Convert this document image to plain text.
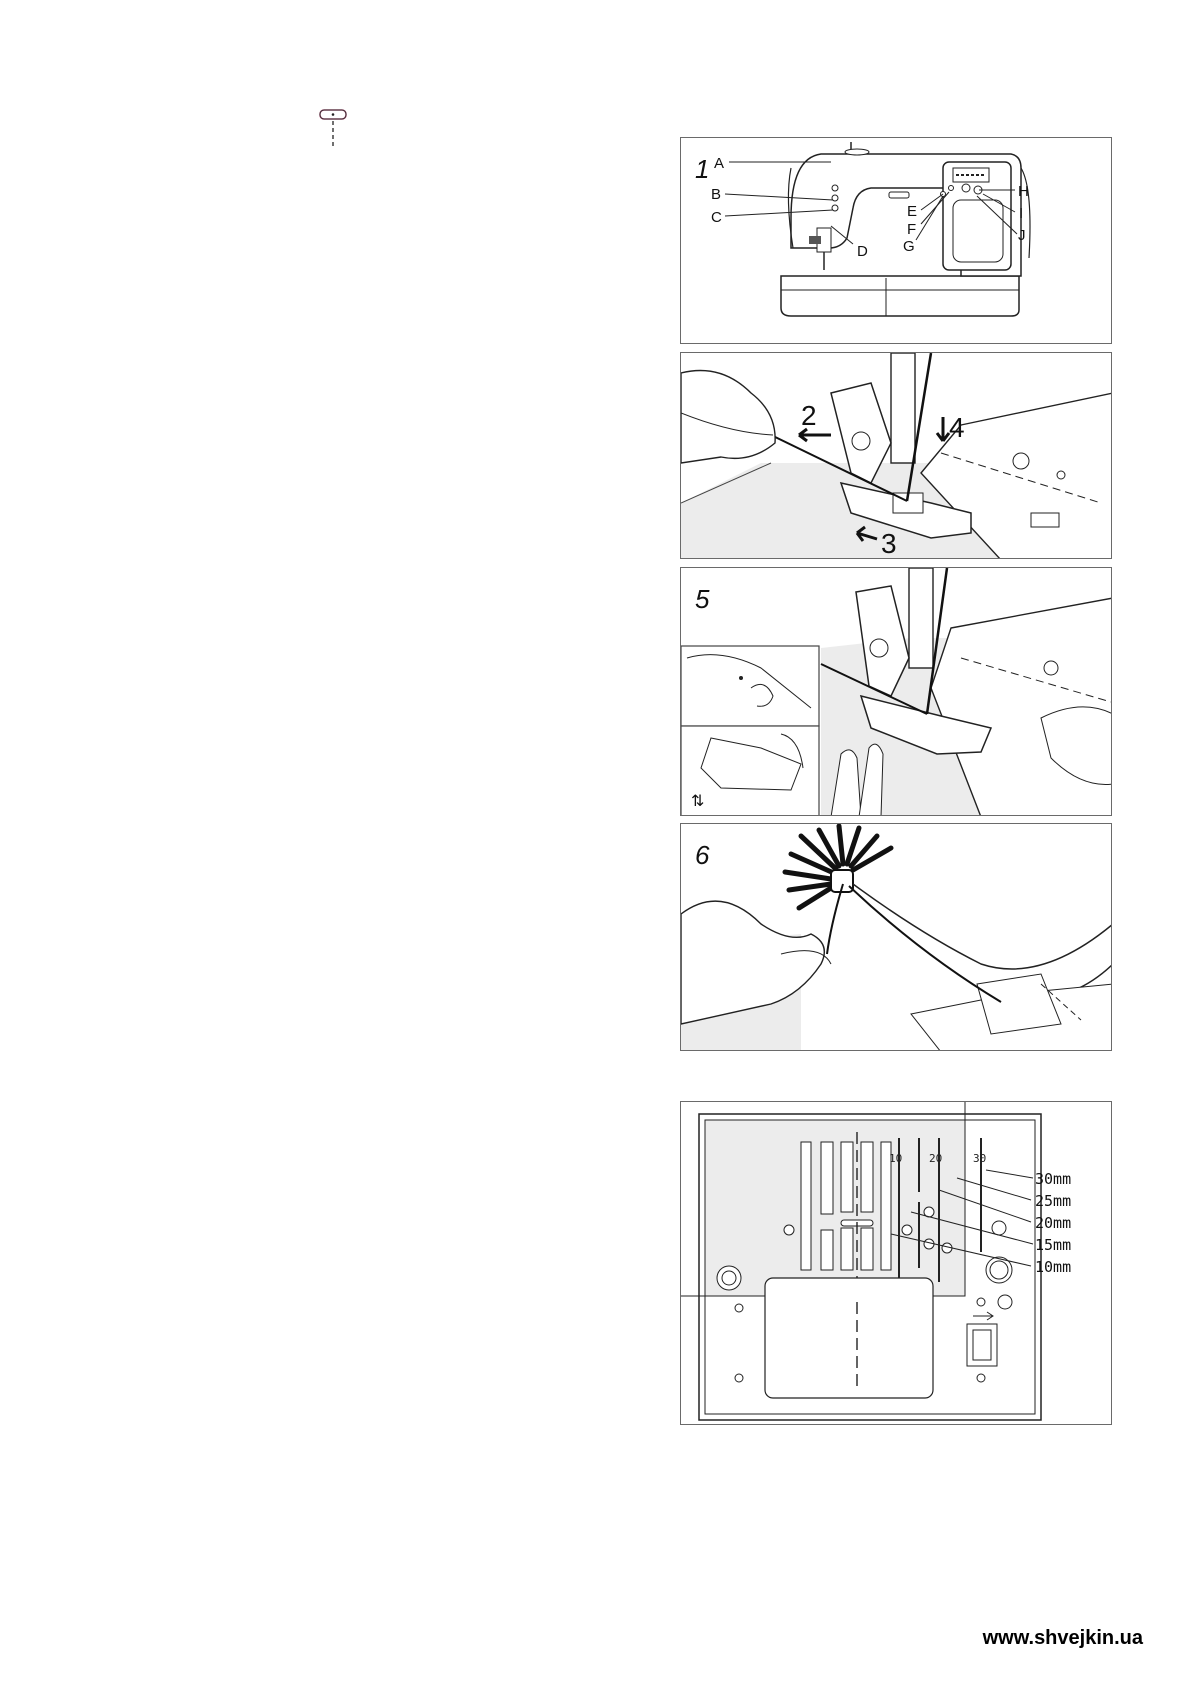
1 A
B
C
D
E
F
G
H
I
J
2
3
4
5
⇅
6
10 20	30
30mm
25mm
20mm
15mm
10mm
www.shvejkin.ua
